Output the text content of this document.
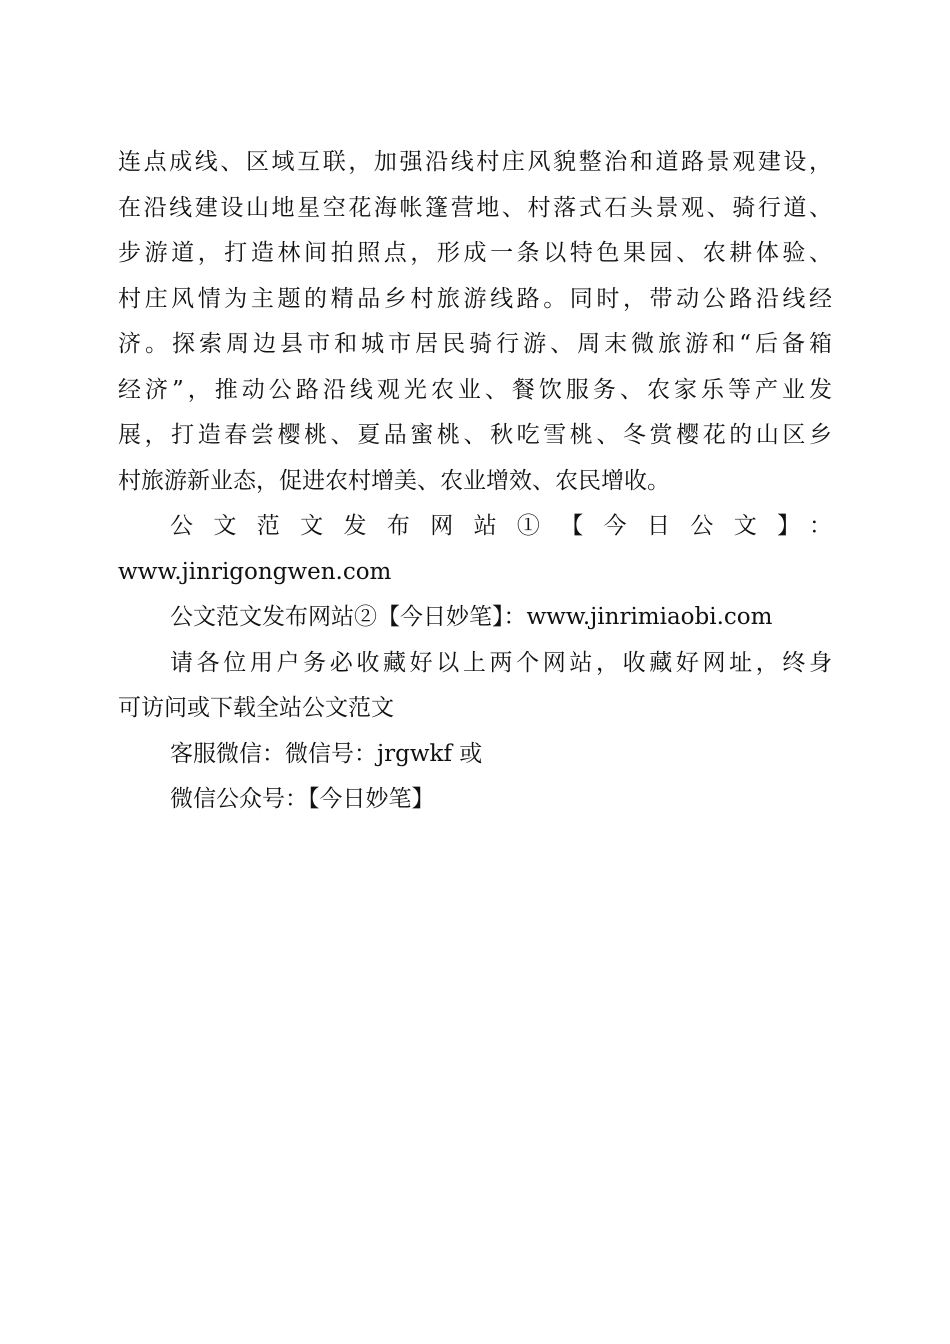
连点成线、区域互联，加强沿线村庄风貌整治和道路景观建设，
在沿线建设山地星空花海帐篷营地、村落式石头景观、骑行道、
步游道，打造林间拍照点，形成一条以特色果园、农耕体验、
村庄风情为主题的精品乡村旅游线路。同时，带动公路沿线经
济。探索周边县市和城市居民骑行游、周末微旅游和“后备箱
经济”，推动公路沿线观光农业、餐饮服务、农家乐等产业发
展，打造春尝樱桃、夏品蜜桃、秋吃雪桃、冬赏樱花的山区乡
村旅游新业态，促进农村增美、农业增效、农民增收。

公文范文发布网站①【今日公文】：
www.jinrigongwen.com

公文范文发布网站②【今日妙笔】：www.jinrimiaobi.com

请各位用户务必收藏好以上两个网站，收藏好网址，终身
可访问或下载全站公文范文

客服微信：微信号：jrgwkf 或

微信公众号：【今日妙笔】
